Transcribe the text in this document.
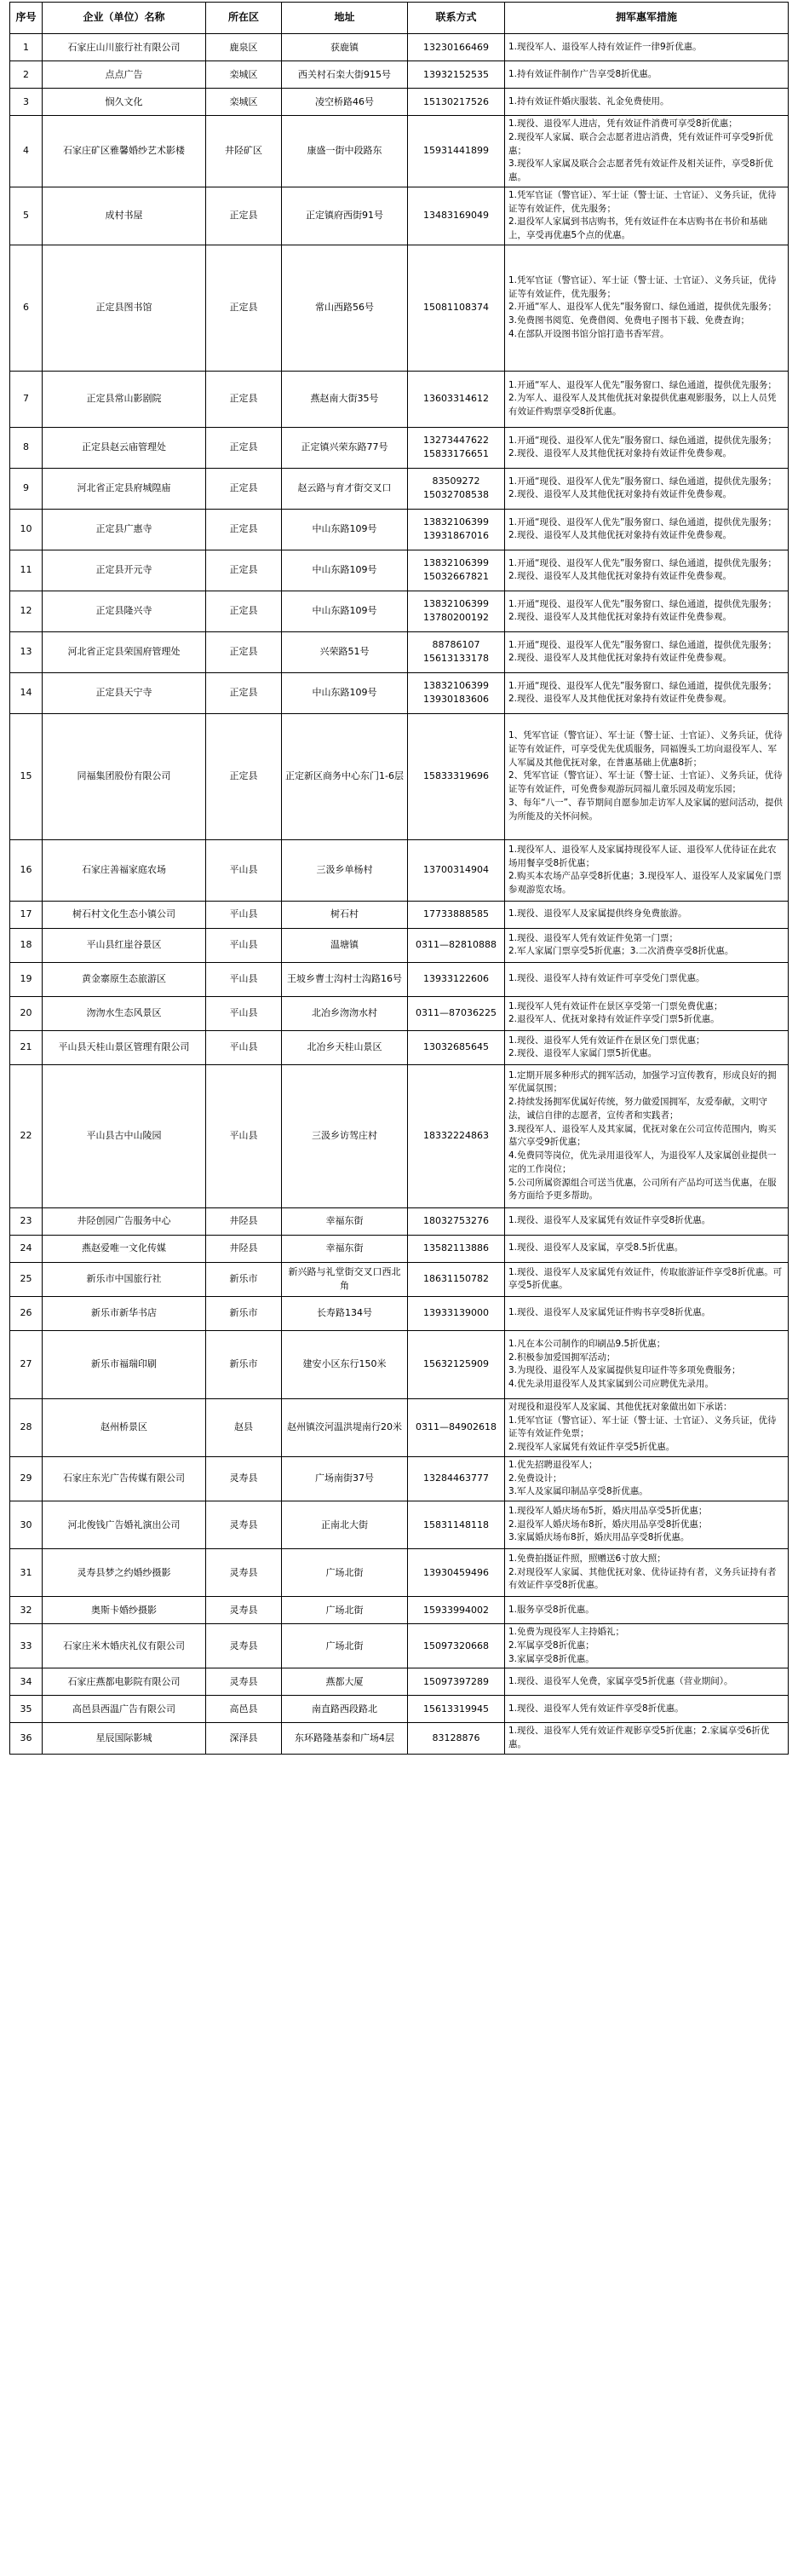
序号	企业（单位）名称	所在区	地址	联系方式	拥军惠军措施
1	石家庄山川旅行社有限公司	鹿泉区	获鹿镇	13230166469	1.现役军人、退役军人持有效证件一律9折优惠。

2	点点广告	栾城区	西关村石栾大街915号	13932152535	1.持有效证件制作广告享受8折优惠。

3	悯久文化	栾城区	凌空桥路46号	15130217526	1.持有效证件婚庆服装、礼金免费使用。

4	石家庄矿区雅馨婚纱艺术影楼	井陉矿区	康盛一街中段路东	15931441899	1.现役、退役军人进店，凭有效证件消费可享受8折优惠；
2.现役军人家属、联合会志愿者进店消费，凭有效证件可享受9折优惠；
3.现役军人家属及联合会志愿者凭有效证件及相关证件，享受8折优惠。

5	成村书屋	正定县	正定镇府西街91号	13483169049	1.凭军官证（警官证）、军士证（警士证、士官证）、义务兵证，优待证等有效证件，优先服务；
2.退役军人家属到书店购书，凭有效证件在本店购书在书价和基础上，享受再优惠5个点的优惠。

6	正定县图书馆	正定县	常山西路56号	15081108374	1.凭军官证（警官证）、军士证（警士证、士官证）、义务兵证，优待证等有效证件，优先服务；
2.开通“军人、退役军人优先”服务窗口、绿色通道，提供优先服务；
3.免费图书阅览、免费借阅、免费电子图书下载、免费查询；
4.在部队开设图书馆分馆打造书香军营。

7	正定县常山影剧院	正定县	燕赵南大街35号	13603314612	1.开通“军人、退役军人优先”服务窗口、绿色通道，提供优先服务；
2.为军人、退役军人及其他优抚对象提供优惠观影服务，以上人员凭有效证件购票享受8折优惠。

8	正定县赵云庙管理处	正定县	正定镇兴荣东路77号	13273447622
15833176651	1.开通“现役、退役军人优先”服务窗口、绿色通道，提供优先服务；
2.现役、退役军人及其他优抚对象持有效证件免费参观。

9	河北省正定县府城隍庙	正定县	赵云路与育才街交叉口	83509272
15032708538	1.开通“现役、退役军人优先”服务窗口、绿色通道，提供优先服务；
2.现役、退役军人及其他优抚对象持有效证件免费参观。

10	正定县广惠寺	正定县	中山东路109号	13832106399
13931867016	1.开通“现役、退役军人优先”服务窗口、绿色通道，提供优先服务；
2.现役、退役军人及其他优抚对象持有效证件免费参观。

11	正定县开元寺	正定县	中山东路109号	13832106399
15032667821	1.开通“现役、退役军人优先”服务窗口、绿色通道，提供优先服务；
2.现役、退役军人及其他优抚对象持有效证件免费参观。

12	正定县隆兴寺	正定县	中山东路109号	13832106399
13780200192	1.开通“现役、退役军人优先”服务窗口、绿色通道，提供优先服务；
2.现役、退役军人及其他优抚对象持有效证件免费参观。

13	河北省正定县荣国府管理处	正定县	兴荣路51号	88786107
15613133178	1.开通“现役、退役军人优先”服务窗口、绿色通道，提供优先服务；
2.现役、退役军人及其他优抚对象持有效证件免费参观。

14	正定县天宁寺	正定县	中山东路109号	13832106399
13930183606	1.开通“现役、退役军人优先”服务窗口、绿色通道，提供优先服务；
2.现役、退役军人及其他优抚对象持有效证件免费参观。

15	同福集团股份有限公司	正定县	正定新区商务中心东门1-6层	15833319696	1、凭军官证（警官证）、军士证（警士证、士官证）、义务兵证，优待证等有效证件，可享受优先优质服务，同福馒头工坊向退役军人、军人军属及其他优抚对象，在普惠基础上优惠8折；
2、凭军官证（警官证）、军士证（警士证、士官证）、义务兵证，优待证等有效证件，可免费参观游玩同福儿童乐园及萌宠乐园；
3、每年“八一”、春节期间自愿参加走访军人及家属的慰问活动，提供为所能及的关怀问候。

16	石家庄善福家庭农场	平山县	三汲乡单杨村	13700314904	1.现役军人、退役军人及家属持现役军人证、退役军人优待证在此农场用餐享受8折优惠；
2.购买本农场产品享受8折优惠；3.现役军人、退役军人及家属免门票参观游览农场。

17	树石村文化生态小镇公司	平山县	树石村	17733888585	1.现役、退役军人及家属提供终身免费旅游。

18	平山县红崖谷景区	平山县	温塘镇	0311—82810888	1.现役、退役军人凭有效证件免第一门票；
2.军人家属门票享受5折优惠；3.二次消费享受8折优惠。

19	黄金寨原生态旅游区	平山县	王坡乡曹士沟村士沟路16号	13933122606	1.现役、退役军人持有效证件可享受免门票优惠。

20	沕沕水生态风景区	平山县	北冶乡沕沕水村	0311—87036225	1.现役军人凭有效证件在景区享受第一门票免费优惠；
2.退役军人、优抚对象持有效证件享受门票5折优惠。

21	平山县天桂山景区管理有限公司	平山县	北冶乡天桂山景区	13032685645	1.现役、退役军人凭有效证件在景区免门票优惠；
2.现役、退役军人家属门票5折优惠。

22	平山县古中山陵园	平山县	三汲乡访驾庄村	18332224863	1.定期开展多种形式的拥军活动，加强学习宣传教育，形成良好的拥军优属氛围；
2.持续发扬拥军优属好传统，努力做爱国拥军，友爱奉献，文明守法，诚信自律的志愿者，宣传者和实践者；
3.现役军人、退役军人及其家属，优抚对象在公司宣传范围内，购买墓穴享受9折优惠；
4.免费同等岗位，优先录用退役军人，为退役军人及家属创业提供一定的工作岗位；
5.公司所属资源组合可送当优惠，公司所有产品均可送当优惠，在服务方面给予更多帮助。

23	井陉创园广告服务中心	井陉县	幸福东街	18032753276	1.现役、退役军人及家属凭有效证件享受8折优惠。

24	燕赵爱唯一文化传媒	井陉县	幸福东街	13582113886	1.现役、退役军人及家属，享受8.5折优惠。

25	新乐市中国旅行社	新乐市	新兴路与礼堂街交叉口西北角	18631150782	1.现役、退役军人及家属凭有效证件，传取旅游证件享受8折优惠。可享受5折优惠。

26	新乐市新华书店	新乐市	长寿路134号	13933139000	1.现役、退役军人及家属凭证件购书享受8折优惠。

27	新乐市福瑞印刷	新乐市	建安小区东行150米	15632125909	1.凡在本公司制作的印刷品9.5折优惠；
2.积极参加爱国拥军活动；
3.为现役、退役军人及家属提供复印证件等多项免费服务；
4.优先录用退役军人及其家属到公司应聘优先录用。

28	赵州桥景区	赵县	赵州镇洨河温洪堤南行20米	0311—84902618	对现役和退役军人及家属、其他优抚对象做出如下承诺：
1.凭军官证（警官证）、军士证（警士证、士官证）、义务兵证，优待证等有效证件免票；
2.现役军人家属凭有效证件享受5折优惠。

29	石家庄东光广告传媒有限公司	灵寿县	广场南街37号	13284463777	1.优先招聘退役军人；
2.免费设计；
3.军人及家属印制品享受8折优惠。

30	河北俊钱广告婚礼演出公司	灵寿县	正南北大街	15831148118	1.现役军人婚庆场布5折，婚庆用品享受5折优惠；
2.退役军人婚庆场布8折，婚庆用品享受8折优惠；
3.家属婚庆场布8折，婚庆用品享受8折优惠。

31	灵寿县梦之约婚纱摄影	灵寿县	广场北街	13930459496	1.免费拍摄证件照，照赠送6寸放大照；
2.对现役军人家属、其他优抚对象、优待证持有者，义务兵证持有者有效证件享受8折优惠。

32	奥斯卡婚纱摄影	灵寿县	广场北街	15933994002	1.服务享受8折优惠。

33	石家庄米木婚庆礼仪有限公司	灵寿县	广场北街	15097320668	1.免费为现役军人主持婚礼；
2.军属享受8折优惠；
3.家属享受8折优惠。

34	石家庄燕都电影院有限公司	灵寿县	燕都大厦	15097397289	1.现役、退役军人免费，家属享受5折优惠（营业期间）。

35	高邑县西温广告有限公司	高邑县	南直路西段路北	15613319945	1.现役、退役军人凭有效证件享受8折优惠。

36	星辰国际影城	深泽县	东环路隆基泰和广场4层	83128876	1.现役、退役军人凭有效证件观影享受5折优惠；2.家属享受6折优惠。
